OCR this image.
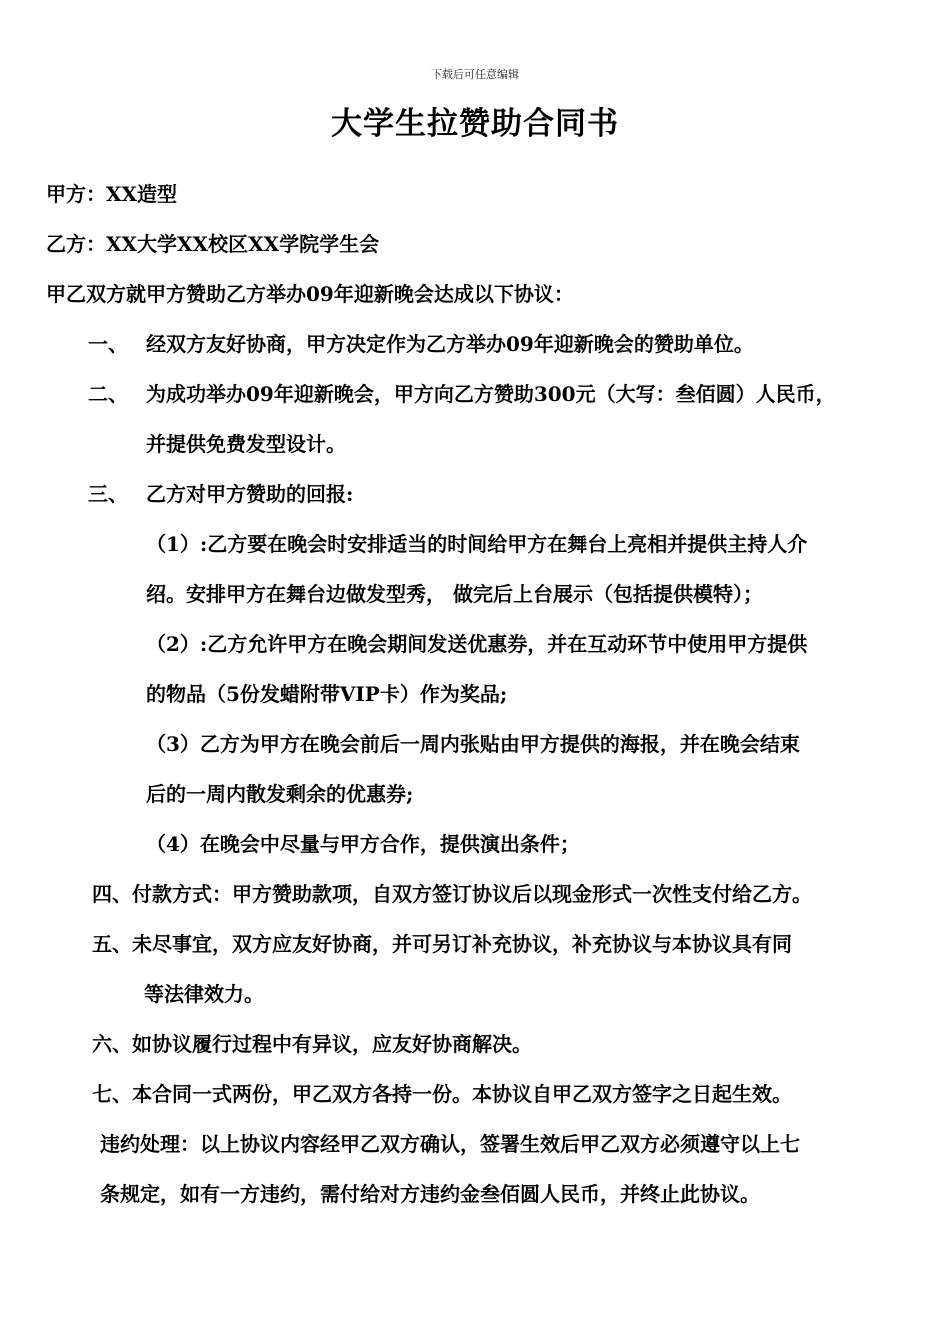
下载后可任意编辑
大学生拉赞助合同书
甲方：XX造型
乙方：XX大学XX校区XX学院学生会
甲乙双方就甲方赞助乙方举办09年迎新晚会达成以下协议：
一、 经双方友好协商，甲方决定作为乙方举办09年迎新晚会的赞助单位。
二、 为成功举办09年迎新晚会，甲方向乙方赞助300元（大写：叁佰圆）人民币，
并提供免费发型设计。
三、 乙方对甲方赞助的回报:
（1）:乙方要在晚会时安排适当的时间给甲方在舞台上亮相并提供主持人介
绍。安排甲方在舞台边做发型秀， 做完后上台展示（包括提供模特）；
（2）:乙方允许甲方在晚会期间发送优惠券，并在互动环节中使用甲方提供
的物品（5份发蜡附带VIP卡）作为奖品;
（3）乙方为甲方在晚会前后一周内张贴由甲方提供的海报，并在晚会结束
后的一周内散发剩余的优惠券;
（4）在晚会中尽量与甲方合作，提供演出条件；
四、付款方式：甲方赞助款项，自双方签订协议后以现金形式一次性支付给乙方。
五、未尽事宜，双方应友好协商，并可另订补充协议，补充协议与本协议具有同
等法律效力。
六、如协议履行过程中有异议，应友好协商解决。
七、本合同一式两份，甲乙双方各持一份。本协议自甲乙双方签字之日起生效。
违约处理：以上协议内容经甲乙双方确认，签署生效后甲乙双方必须遵守以上七
条规定，如有一方违约，需付给对方违约金叁佰圆人民币，并终止此协议。
